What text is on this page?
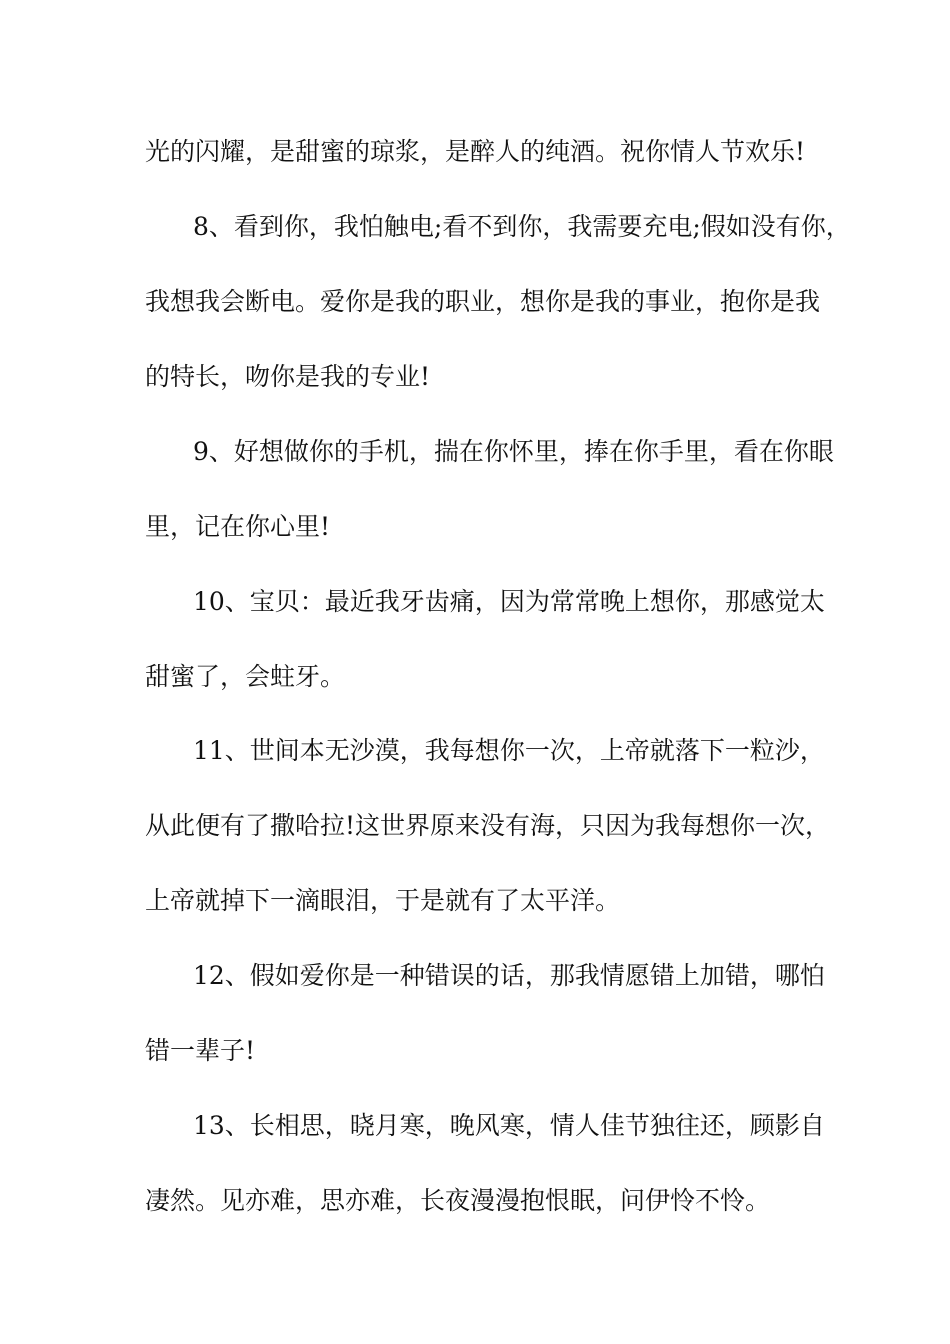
光的闪耀，是甜蜜的琼浆，是醉人的纯酒。祝你情人节欢乐!
8、看到你，我怕触电;看不到你，我需要充电;假如没有你，
我想我会断电。爱你是我的职业，想你是我的事业，抱你是我
的特长，吻你是我的专业!
9、好想做你的手机，揣在你怀里，捧在你手里，看在你眼
里，记在你心里!
10、宝贝：最近我牙齿痛，因为常常晚上想你，那感觉太
甜蜜了，会蛀牙。
11、世间本无沙漠，我每想你一次，上帝就落下一粒沙，
从此便有了撒哈拉!这世界原来没有海，只因为我每想你一次，
上帝就掉下一滴眼泪，于是就有了太平洋。
12、假如爱你是一种错误的话，那我情愿错上加错，哪怕
错一辈子!
13、长相思，晓月寒，晚风寒，情人佳节独往还，顾影自
凄然。见亦难，思亦难，长夜漫漫抱恨眠，问伊怜不怜。
